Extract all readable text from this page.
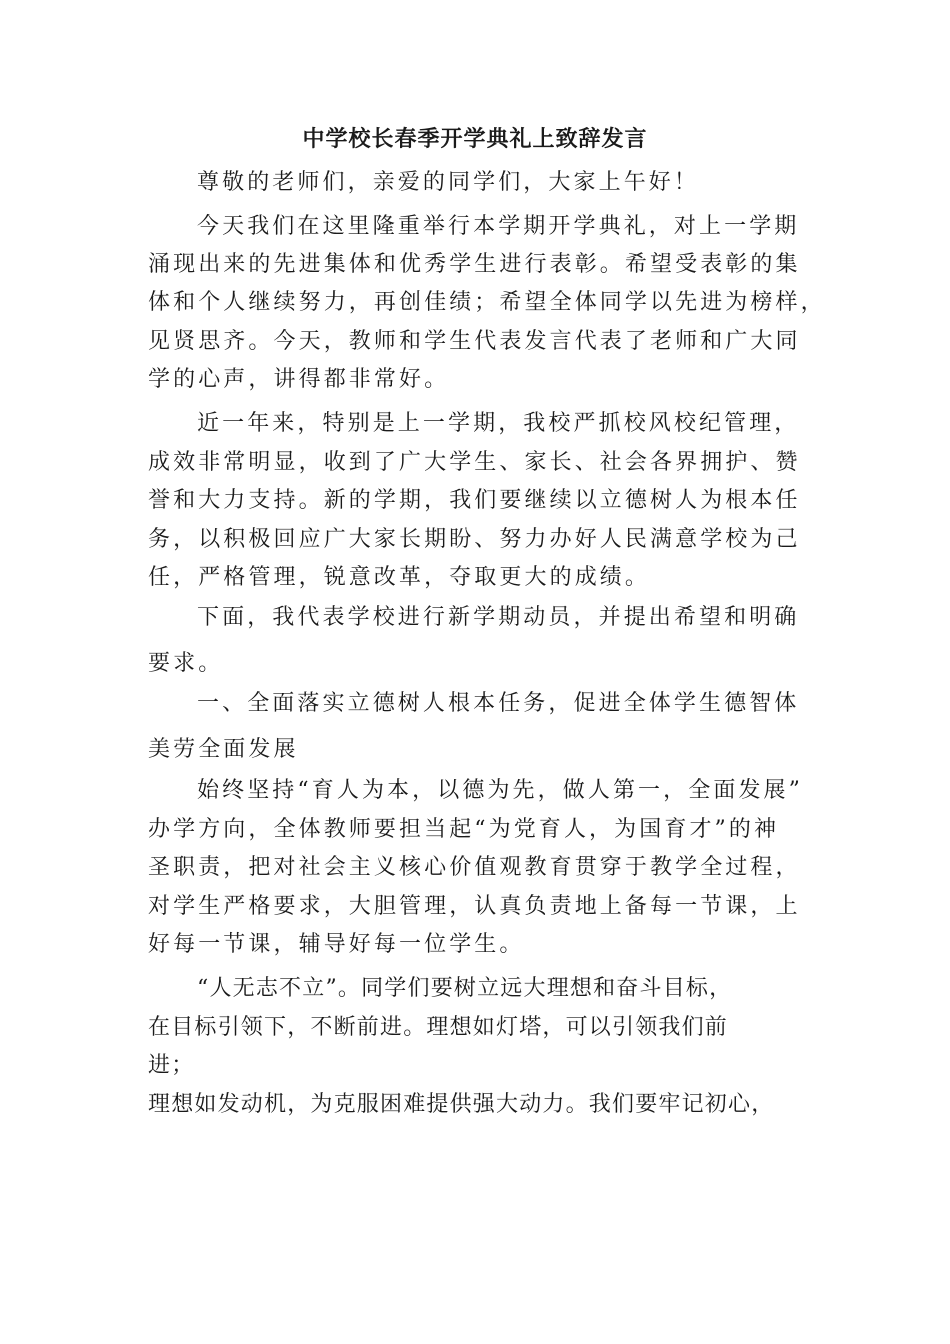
中学校长春季开学典礼上致辞发言
尊敬的老师们，亲爱的同学们，大家上午好！
今天我们在这里隆重举行本学期开学典礼，对上一学期
涌现出来的先进集体和优秀学生进行表彰。希望受表彰的集
体和个人继续努力，再创佳绩；希望全体同学以先进为榜样，
见贤思齐。今天，教师和学生代表发言代表了老师和广大同
学的心声，讲得都非常好。
近一年来，特别是上一学期，我校严抓校风校纪管理，
成效非常明显，收到了广大学生、家长、社会各界拥护、赞
誉和大力支持。新的学期，我们要继续以立德树人为根本任
务，以积极回应广大家长期盼、努力办好人民满意学校为己
任，严格管理，锐意改革，夺取更大的成绩。
下面，我代表学校进行新学期动员，并提出希望和明确
要求。
一、全面落实立德树人根本任务，促进全体学生德智体
美劳全面发展
始终坚持“育人为本，以德为先，做人第一，全面发展”
办学方向，全体教师要担当起“为党育人，为国育才”的神
圣职责，把对社会主义核心价值观教育贯穿于教学全过程，
对学生严格要求，大胆管理，认真负责地上备每一节课，上
好每一节课，辅导好每一位学生。
“人无志不立”。同学们要树立远大理想和奋斗目标，
在目标引领下，不断前进。理想如灯塔，可以引领我们前
进；
理想如发动机，为克服困难提供强大动力。我们要牢记初心，
